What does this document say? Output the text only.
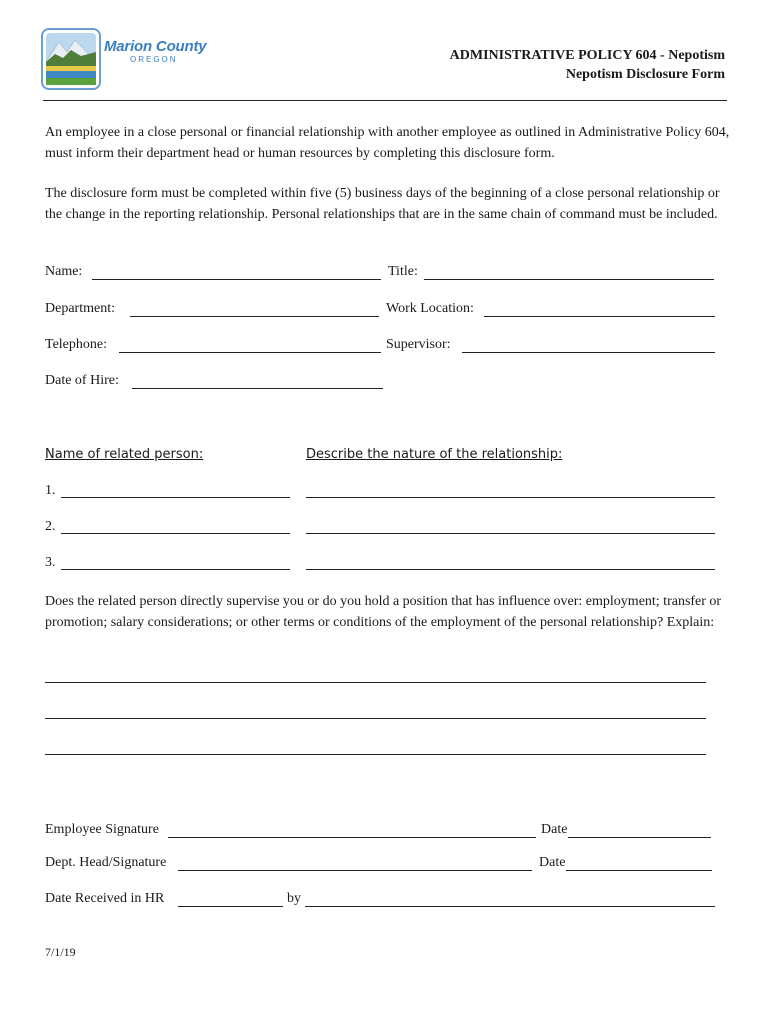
Marion County
OREGON	ADMINISTRATIVE POLICY 604 - Nepotism
Nepotism Disclosure Form
An employee in a close personal or financial relationship with another employee as outlined in Administrative Policy 604, must inform their department head or human resources by completing this disclosure form.
The disclosure form must be completed within five (5) business days of the beginning of a close personal relationship or the change in the reporting relationship. Personal relationships that are in the same chain of command must be included.
Name:	Title:
Department:	Work Location:
Telephone:	Supervisor:
Date of Hire:
Name of related person:	Describe the nature of the relationship:
1.
2.
3.
Does the related person directly supervise you or do you hold a position that has influence over: employment; transfer or promotion; salary considerations; or other terms or conditions of the employment of the personal relationship? Explain:
Employee Signature	Date
Dept. Head/Signature	Date
Date Received in HR	by
7/1/19
